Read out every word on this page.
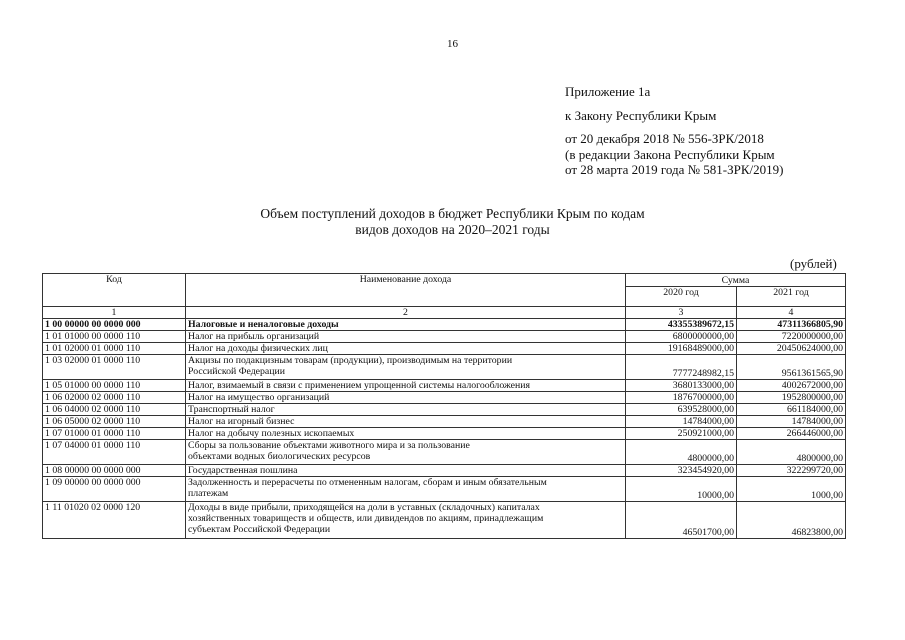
16
Приложение 1а
к Закону Республики Крым
от 20 декабря 2018 № 556-ЗРК/2018
(в редакции Закона Республики Крым
от 28 марта 2019 года № 581-ЗРК/2019)
Объем поступлений доходов в бюджет Республики Крым по кодам
видов доходов на 2020–2021 годы
(рублей)
Код	Наименование дохода	Сумма	
		2020 год	2021 год
1	2	3	4
1 00 00000 00 0000 000	Налоговые и неналоговые доходы	43355389672,15	47311366805,90
1 01 01000 00 0000 110	Налог на прибыль организаций	6800000000,00	7220000000,00
1 01 02000 01 0000 110	Налог на доходы физических лиц	19168489000,00	20450624000,00
1 03 02000 01 0000 110	Акцизы по подакцизным товарам (продукции), производимым на территории
Российской Федерации	7777248982,15	9561361565,90
1 05 01000 00 0000 110	Налог, взимаемый в связи с применением упрощенной системы налогообложения	3680133000,00	4002672000,00
1 06 02000 02 0000 110	Налог на имущество организаций	1876700000,00	1952800000,00
1 06 04000 02 0000 110	Транспортный налог	639528000,00	661184000,00
1 06 05000 02 0000 110	Налог на игорный бизнес	14784000,00	14784000,00
1 07 01000 01 0000 110	Налог на добычу полезных ископаемых	250921000,00	266446000,00
1 07 04000 01 0000 110	Сборы за пользование объектами животного мира и за пользование
объектами водных биологических ресурсов	4800000,00	4800000,00
1 08 00000 00 0000 000	Государственная пошлина	323454920,00	322299720,00
1 09 00000 00 0000 000	Задолженность и перерасчеты по отмененным налогам, сборам и иным обязательным
платежам	10000,00	1000,00
1 11 01020 02 0000 120	Доходы в виде прибыли, приходящейся на доли в уставных (складочных) капиталах
хозяйственных товариществ и обществ, или дивидендов по акциям, принадлежащим
субъектам Российской Федерации	46501700,00	46823800,00
